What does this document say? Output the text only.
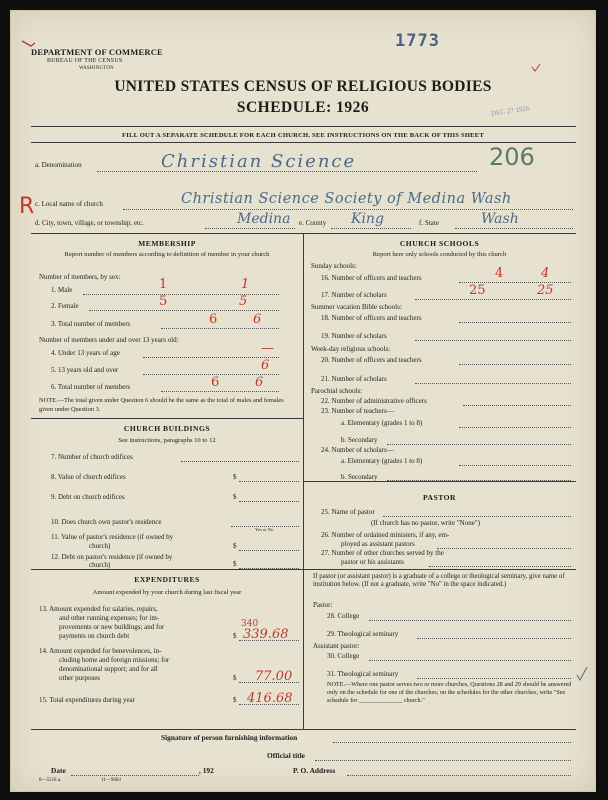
DEPARTMENT OF COMMERCE
BUREAU OF THE CENSUS
WASHINGTON
1773
DEC 27 1926
UNITED STATES CENSUS OF RELIGIOUS BODIES
SCHEDULE: 1926
FILL OUT A SEPARATE SCHEDULE FOR EACH CHURCH. SEE INSTRUCTIONS ON THE BACK OF THIS SHEET
a. Denomination	Christian Science	206
R c. Local name of church	Christian Science Society of Medina Wash
d. City, town, village, or township, etc.	Medina e. County King	f. State	Wash
MEMBERSHIP
Report number of members according to definition of member in your church
Number of members, by sex:
1. Male	1	1
2. Female	5	5
3. Total number of members	6	6
Number of members under and over 13 years old:
4. Under 13 years of age	—
5. 13 years old and over	6
6. Total number of members	6	6
NOTE.—The total given under Question 6 should be the same as the total of males and females given under Question 3.
CHURCH BUILDINGS
See instructions, paragraphs 10 to 12
7. Number of church edifices
8. Value of church edifices	$
9. Debt on church edifices	$
10. Does church own pastor's residence
Yes or No
11. Value of pastor's residence (if owned by
church)	$
12. Debt on pastor's residence (if owned by
church)	$
EXPENDITURES
Amount expended by your church during last fiscal year
13. Amount expended for salaries, repairs,
and other running expenses; for im-
provements or new buildings; and for
payments on church debt
340
$ 339.68
14. Amount expended for benevolences, in-
cluding home and foreign missions; for
denominational support; and for all
other purposes	$ 77.00
15. Total expenditures during year	$ 416.68
CHURCH SCHOOLS
Report here only schools conducted by this church
Sunday schools:
16. Number of officers and teachers	4	4
17. Number of scholars	25	25
Summer vacation Bible schools:
18. Number of officers and teachers
19. Number of scholars
Week-day religious schools:
20. Number of officers and teachers
21. Number of scholars
Parochial schools:
22. Number of administrative officers
23. Number of teachers—
a. Elementary (grades 1 to 8)
b. Secondary
24. Number of scholars—
a. Elementary (grades 1 to 8)
b. Secondary
PASTOR
25. Name of pastor
(If church has no pastor, write "None")
26. Number of ordained ministers, if any, em-
ployed as assistant pastors
27. Number of other churches served by the
pastor or his assistants
If pastor (or assistant pastor) is a graduate of a college or theological seminary, give name of institution below. (If not a graduate, write "No" in the space indicated.)
Pastor:
28. College
29. Theological seminary
Assistant pastor:
30. College
31. Theological seminary
NOTE.—Where one pastor serves two or more churches, Questions 28 and 29 should be answered only on the schedule for one of the churches; on the schedules for the other churches, write "See schedule for ______________ church."
Signature of person furnishing information
Official title
Date	, 192	P. O. Address
8—5518 a.	11—9684
